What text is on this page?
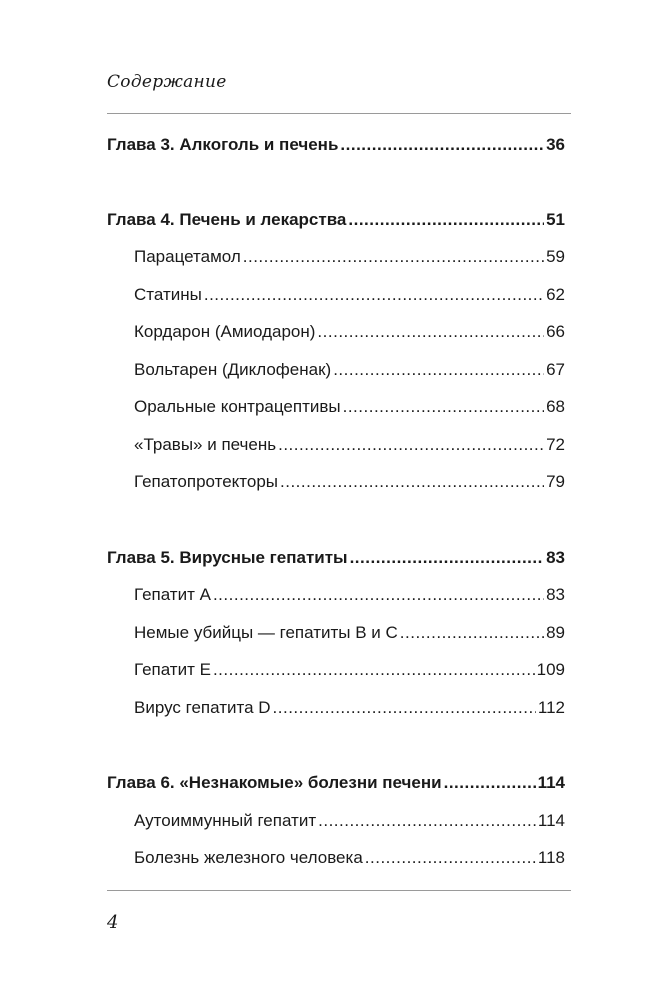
Содержание
Глава 3. Алкоголь и печень .....	36
Глава 4. Печень и лекарства .....	51
Парацетамол .....	59
Статины .....	62
Кордарон (Амиодарон) .....	66
Вольтарен (Диклофенак) .....	67
Оральные контрацептивы .....	68
«Травы» и печень .....	72
Гепатопротекторы .....	79
Глава 5. Вирусные гепатиты .....	83
Гепатит А .....	83
Немые убийцы — гепатиты В и С .....	89
Гепатит Е .....	109
Вирус гепатита D .....	112
Глава 6. «Незнакомые» болезни печени .....	114
Аутоиммунный гепатит .....	114
Болезнь железного человека .....	118
4
